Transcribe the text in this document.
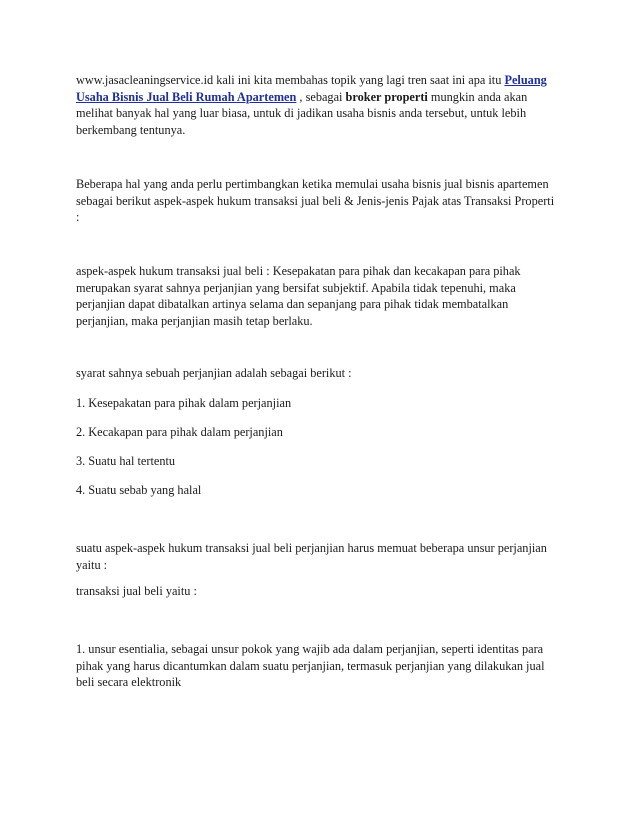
www.jasacleaningservice.id kali ini kita membahas topik yang lagi tren saat ini apa itu Peluang
Usaha Bisnis Jual Beli Rumah Apartemen , sebagai broker properti mungkin anda akan
melihat banyak hal yang luar biasa, untuk di jadikan usaha bisnis anda tersebut, untuk lebih
berkembang tentunya.

Beberapa hal yang anda perlu pertimbangkan ketika memulai usaha bisnis jual bisnis apartemen
sebagai berikut aspek-aspek hukum transaksi jual beli & Jenis-jenis Pajak atas Transaksi Properti
:

aspek-aspek hukum transaksi jual beli : Kesepakatan para pihak dan kecakapan para pihak
merupakan syarat sahnya perjanjian yang bersifat subjektif. Apabila tidak tepenuhi, maka
perjanjian dapat dibatalkan artinya selama dan sepanjang para pihak tidak membatalkan
perjanjian, maka perjanjian masih tetap berlaku.

syarat sahnya sebuah perjanjian adalah sebagai berikut :

1. Kesepakatan para pihak dalam perjanjian

2. Kecakapan para pihak dalam perjanjian

3. Suatu hal tertentu

4. Suatu sebab yang halal

suatu aspek-aspek hukum transaksi jual beli perjanjian harus memuat beberapa unsur perjanjian
yaitu :

transaksi jual beli yaitu :

1. unsur esentialia, sebagai unsur pokok yang wajib ada dalam perjanjian, seperti identitas para
pihak yang harus dicantumkan dalam suatu perjanjian, termasuk perjanjian yang dilakukan jual
beli secara elektronik
